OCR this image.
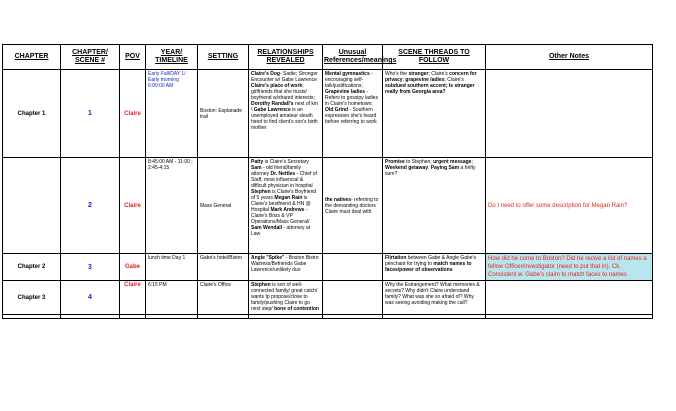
CHAPTER	CHAPTER/ SCENE #	POV	YEAR/ TIMELINE	SETTING	RELATIONSHIPS REVEALED	Unusual References/meanings	SCENE THREADS TO FOLLOW	Other Notes
Chapter 1	1	Claire	Early Fall/DAY 1/ Early morning 6:00:00 AM	Boston: Esplanade trail	Claire's Dog- Sadie; Stronger Encounter w/ Gabe Lawrence Claire's place of work; girlfriends that she trusts/ boyfriend w/shared interests; Dorothy Randall's next of kin \ Gabe Lawrence is an unemployed amateur sleuth hired to find client's son's birth mother	Mental gymnastics - encouraging self-talk/justifications; Grapevine ladies - Refers to gossipy ladies in Claire's hometown; Old Grind - Southern expression she's heard before referring to work	Who's the stranger; Claire's concern for privacy; grapevine ladies; Claire's subdued southern accent; Is stranger really from Georgia area?	
	2	Claire	8:45:00 AM - 11:00 ; 2:45-4:15	Mass General	Patty is Claire's Secretary Sam - old friend/family attorney Dr. Nettles - Chief of Staff, most influencial & difficult physician in hospital Stephen is Claire's Boyfriend of 5 years Megan Rain is Claire's bestfriend & HN @ Hospital Mark Andrews - Claire's Boss & VP Operations/Mass General/ Sam Wendall - attorney at Law	the natives- referring to the demanding doctors Claire must deal with	Promise to Stephen; urgent message; Weekend getaway; Paying Sam a hefty sum?	Do I need to offer some description for Megan Rain?
Chapter 2	3	Gabe	lunch time Day 1	Gabe's hotel/Bistro	Angle "Spike" - Boston Bistro Waitress/Befriends Gabe Lawrence/unlikely duo		Flirtation between Gabe & Angle Gabe's penchant for trying to match names to faces/power of observations	How did he come to Boston? Did he recive a list of names a fellow Officer/investigator (need to put that in). Ck. Consistent w. Gabe's claim to match faces to names
Chapter 3	4	Claire	6:15 PM	Claire's Office	Stephen is son of well-connected family/ great catch/ wants tp propose/close to family/pushing Claire to go next step/ bone of contention		Why the Estrangement? What memories & secrets? Why didn't Claire understand family? What was she so afraid of? Why was seeing avoiding making the call?	
